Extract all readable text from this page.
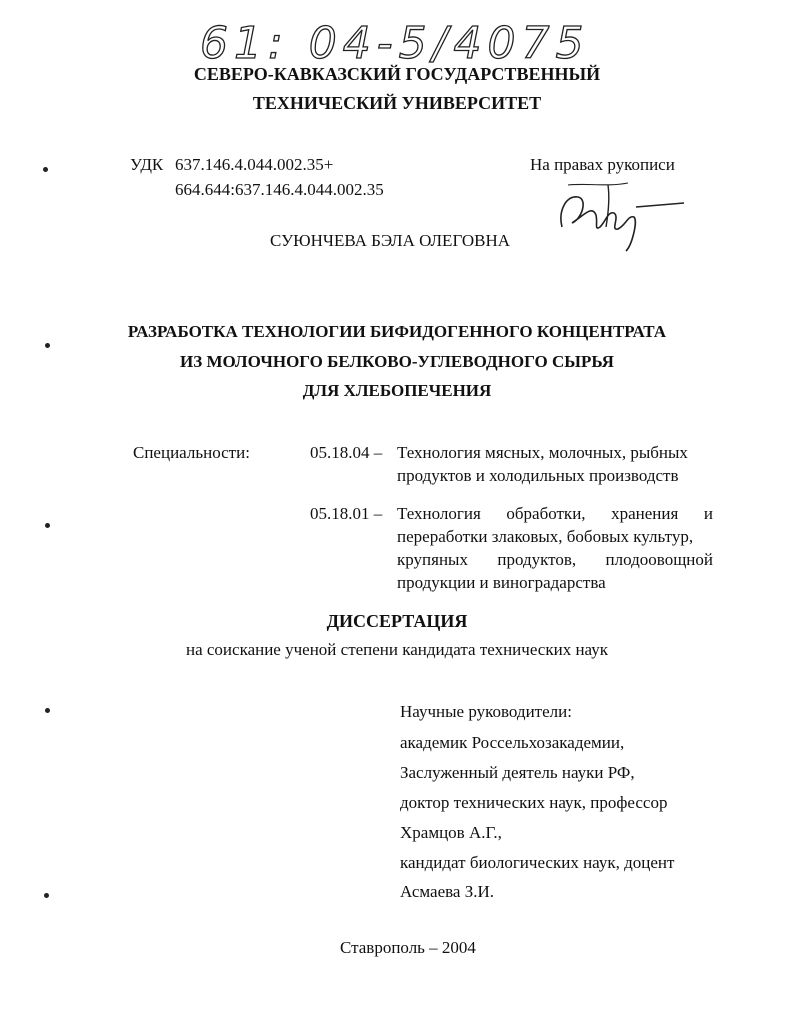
61: 04-5/4075
СЕВЕРО-КАВКАЗСКИЙ ГОСУДАРСТВЕННЫЙ
ТЕХНИЧЕСКИЙ УНИВЕРСИТЕТ
УДК 637.146.4.044.002.35+
664.644:637.146.4.044.002.35
На правах рукописи
СУЮНЧЕВА БЭЛА ОЛЕГОВНА
РАЗРАБОТКА ТЕХНОЛОГИИ БИФИДОГЕННОГО КОНЦЕНТРАТА
ИЗ МОЛОЧНОГО БЕЛКОВО-УГЛЕВОДНОГО СЫРЬЯ
ДЛЯ ХЛЕБОПЕЧЕНИЯ
Специальности:	05.18.04 – Технология мясных, молочных, рыбных
продуктов и холодильных производств
05.18.01 – Технология обработки, хранения и
переработки злаковых, бобовых культур,
крупяных продуктов, плодоовощной
продукции и виноградарства
ДИССЕРТАЦИЯ
на соискание ученой степени кандидата технических наук
Научные руководители:
академик Россельхозакадемии,
Заслуженный деятель науки РФ,
доктор технических наук, профессор
Храмцов А.Г.,
кандидат биологических наук, доцент
Асмаева З.И.
Ставрополь – 2004
